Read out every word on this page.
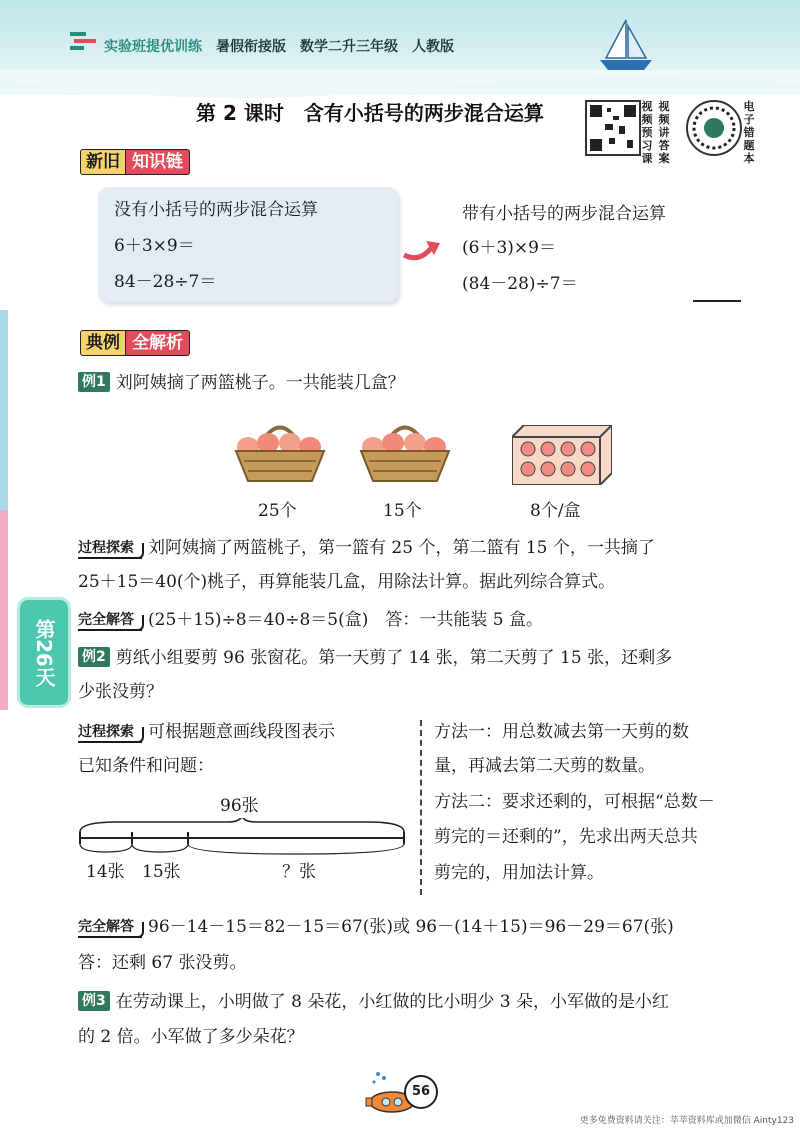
实验班提优训练 暑假衔接版 数学二升三年级 人教版
第 2 课时　含有小括号的两步混合运算	视频预习课
视频讲答案
电子错题本
新旧 知识链
没有小括号的两步混合运算
6＋3×9＝
84－28÷7＝
带有小括号的两步混合运算
(6＋3)×9＝
(84－28)÷7＝
典例 全解析
例1 刘阿姨摘了两篮桃子。一共能装几盒？
25个	15个	8个/盒
过程探索 刘阿姨摘了两篮桃子，第一篮有 25 个，第二篮有 15 个，一共摘了
25＋15＝40(个)桃子，再算能装几盒，用除法计算。据此列综合算式。
完全解答 (25＋15)÷8＝40÷8＝5(盒)　答：一共能装 5 盒。
第26天	例2 剪纸小组要剪 96 张窗花。第一天剪了 14 张，第二天剪了 15 张，还剩多
少张没剪？
过程探索 可根据题意画线段图表示
已知条件和问题：
96张
14张 15张	？张
方法一：用总数减去第一天剪的数
量，再减去第二天剪的数量。
方法二：要求还剩的，可根据“总数－
剪完的＝还剩的”，先求出两天总共
剪完的，用加法计算。
完全解答 96－14－15＝82－15＝67(张)或 96－(14＋15)＝96－29＝67(张)
答：还剩 67 张没剪。
例3 在劳动课上，小明做了 8 朵花，小红做的比小明少 3 朵，小军做的是小红
的 2 倍。小军做了多少朵花？
56
更多免费资料请关注：莘莘资料库或加微信 Ainty123
